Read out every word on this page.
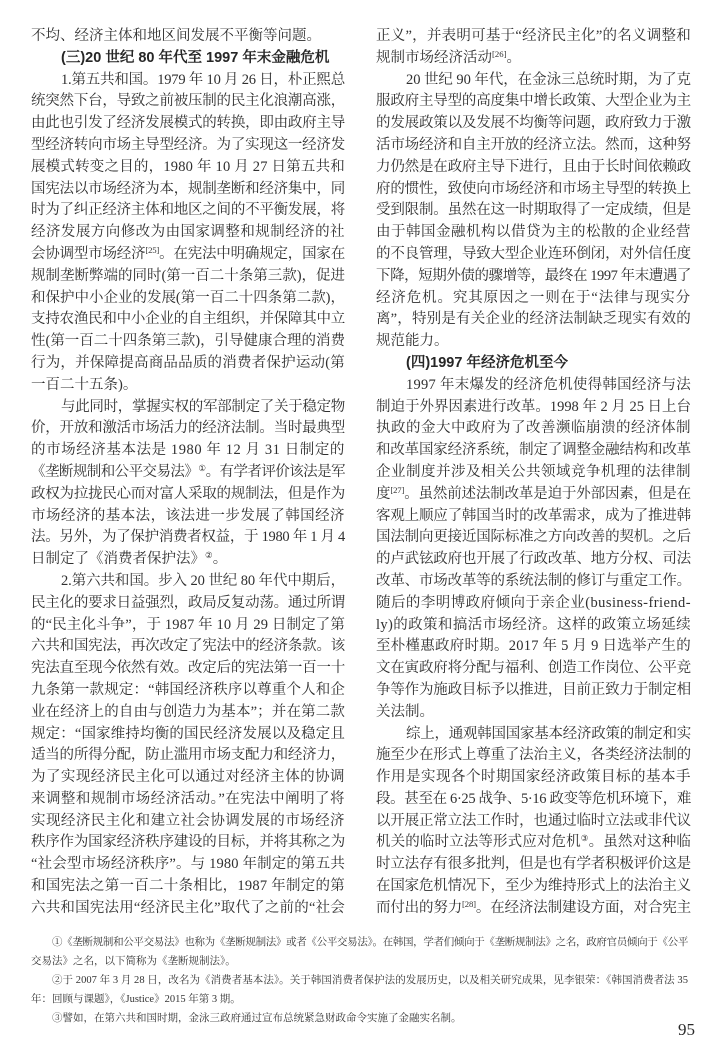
不均、经济主体和地区间发展不平衡等问题。
(三)20 世纪 80 年代至 1997 年末金融危机
1.第五共和国。1979 年 10 月 26 日，朴正熙总
统突然下台，导致之前被压制的民主化浪潮高涨，
由此也引发了经济发展模式的转换，即由政府主导
型经济转向市场主导型经济。为了实现这一经济发
展模式转变之目的，1980 年 10 月 27 日第五共和
国宪法以市场经济为本，规制垄断和经济集中，同
时为了纠正经济主体和地区之间的不平衡发展，将
经济发展方向修改为由国家调整和规制经济的社
会协调型市场经济[25]。在宪法中明确规定，国家在
规制垄断弊端的同时(第一百二十条第三款)，促进
和保护中小企业的发展(第一百二十四条第二款)，
支持农渔民和中小企业的自主组织，并保障其中立
性(第一百二十四条第三款)，引导健康合理的消费
行为，并保障提高商品品质的消费者保护运动(第
一百二十五条)。
与此同时，掌握实权的军部制定了关于稳定物
价，开放和激活市场活力的经济法制。当时最典型
的市场经济基本法是 1980 年 12 月 31 日制定的
《垄断规制和公平交易法》①。有学者评价该法是军
政权为拉拢民心而对富人采取的规制法，但是作为
市场经济的基本法，该法进一步发展了韩国经济
法。另外，为了保护消费者权益，于 1980 年 1 月 4
日制定了《消费者保护法》②。
2.第六共和国。步入 20 世纪 80 年代中期后，
民主化的要求日益强烈，政局反复动荡。通过所谓
的“民主化斗争”，于 1987 年 10 月 29 日制定了第
六共和国宪法，再次改定了宪法中的经济条款。该
宪法直至现今依然有效。改定后的宪法第一百一十
九条第一款规定：“韩国经济秩序以尊重个人和企
业在经济上的自由与创造力为基本”；并在第二款
规定：“国家维持均衡的国民经济发展以及稳定且
适当的所得分配，防止滥用市场支配力和经济力，
为了实现经济民主化可以通过对经济主体的协调
来调整和规制市场经济活动。”在宪法中阐明了将
实现经济民主化和建立社会协调发展的市场经济
秩序作为国家经济秩序建设的目标，并将其称之为
“社会型市场经济秩序”。与 1980 年制定的第五共
和国宪法之第一百二十条相比，1987 年制定的第
六共和国宪法用“经济民主化”取代了之前的“社会
正义”，并表明可基于“经济民主化”的名义调整和
规制市场经济活动[26]。
20 世纪 90 年代，在金泳三总统时期，为了克
服政府主导型的高度集中增长政策、大型企业为主
的发展政策以及发展不均衡等问题，政府致力于激
活市场经济和自主开放的经济立法。然而，这种努
力仍然是在政府主导下进行，且由于长时间依赖政
府的惯性，致使向市场经济和市场主导型的转换上
受到限制。虽然在这一时期取得了一定成绩，但是
由于韩国金融机构以借贷为主的松散的企业经营
的不良管理，导致大型企业连环倒闭，对外信任度
下降，短期外债的骤增等，最终在 1997 年末遭遇了
经济危机。究其原因之一则在于“法律与现实分
离”，特别是有关企业的经济法制缺乏现实有效的
规范能力。
(四)1997 年经济危机至今
1997 年末爆发的经济危机使得韩国经济与法
制迫于外界因素进行改革。1998 年 2 月 25 日上台
执政的金大中政府为了改善濒临崩溃的经济体制
和改革国家经济系统，制定了调整金融结构和改革
企业制度并涉及相关公共领域竞争机理的法律制
度[27]。虽然前述法制改革是迫于外部因素，但是在
客观上顺应了韩国当时的改革需求，成为了推进韩
国法制向更接近国际标准之方向改善的契机。之后
的卢武铉政府也开展了行政改革、地方分权、司法
改革、市场改革等的系统法制的修订与重定工作。
随后的李明博政府倾向于亲企业(business-friend-
ly)的政策和搞活市场经济。这样的政策立场延续
至朴槿惠政府时期。2017 年 5 月 9 日选举产生的
文在寅政府将分配与福利、创造工作岗位、公平竞
争等作为施政目标予以推进，目前正致力于制定相
关法制。
综上，通观韩国国家基本经济政策的制定和实
施至少在形式上尊重了法治主义，各类经济法制的
作用是实现各个时期国家经济政策目标的基本手
段。甚至在 6·25 战争、5·16 政变等危机环境下，难
以开展正常立法工作时，也通过临时立法或非代议
机关的临时立法等形式应对危机③。虽然对这种临
时立法存有很多批判，但是也有学者积极评价这是
在国家危机情况下，至少为维持形式上的法治主义
而付出的努力[28]。在经济法制建设方面，对合宪主
①《垄断规制和公平交易法》也称为《垄断规制法》或者《公平交易法》。在韩国，学者们倾向于《垄断规制法》之名，政府官员倾向于《公平
交易法》之名，以下简称为《垄断规制法》。
②于 2007 年 3 月 28 日，改名为《消费者基本法》。关于韩国消费者保护法的发展历史，以及相关研究成果，见李银荣：《韩国消费者法 35
年：回顾与课题》，《Justice》2015 年第 3 期。
③譬如，在第六共和国时期，金泳三政府通过宣布总统紧急财政命令实施了金融实名制。
95
